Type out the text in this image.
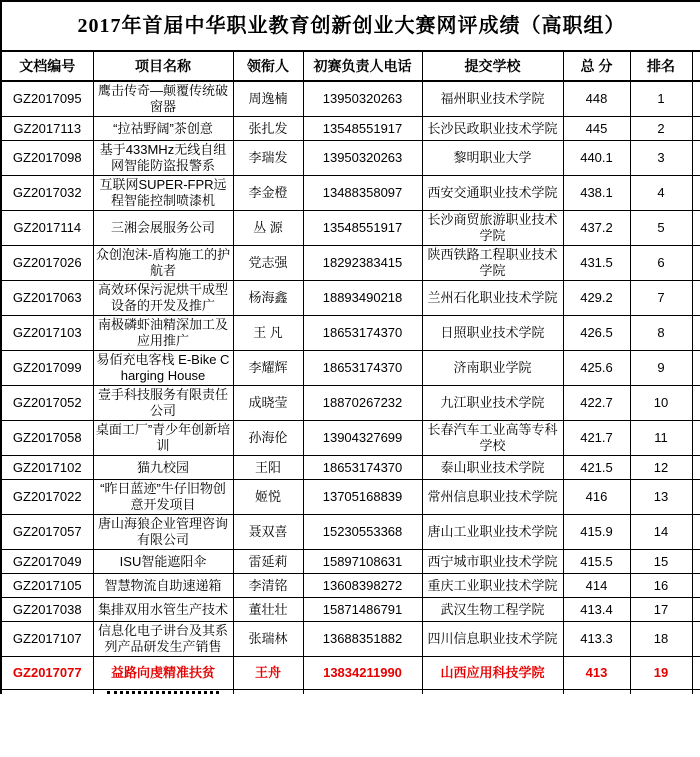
2017年首届中华职业教育创新创业大赛网评成绩（高职组）							
文档编号	项目名称	领衔人	初赛负责人电话	提交学校	总 分	排名	
GZ2017095	鹰击传奇—颠覆传统破窗器	周逸楠	13950320263	福州职业技术学院	448	1	
GZ2017113	“拉祜野阔”茶创意	张扎发	13548551917	长沙民政职业技术学院	445	2	
GZ2017098	基于433MHz无线自组网智能防盗报警系	李瑞发	13950320263	黎明职业大学	440.1	3	
GZ2017032	互联网SUPER-FPR远程智能控制喷漆机	李金橙	13488358097	西安交通职业技术学院	438.1	4	
GZ2017114	三湘会展服务公司	丛 源	13548551917	长沙商贸旅游职业技术学院	437.2	5	
GZ2017026	众创泡沫-盾构施工的护航者	党志强	18292383415	陕西铁路工程职业技术学院	431.5	6	
GZ2017063	高效环保污泥烘干成型设备的开发及推广	杨海鑫	18893490218	兰州石化职业技术学院	429.2	7	
GZ2017103	南极磷虾油精深加工及应用推广	王 凡	18653174370	日照职业技术学院	426.5	8	
GZ2017099	易佰充电客栈 E-Bike Charging House	李耀辉	18653174370	济南职业学院	425.6	9	
GZ2017052	壹手科技服务有限责任公司	成晓莹	18870267232	九江职业技术学院	422.7	10	
GZ2017058	桌面工厂”青少年创新培训	孙海伦	13904327699	长春汽车工业高等专科学校	421.7	11	
GZ2017102	猫九校园	王阳	18653174370	泰山职业技术学院	421.5	12	
GZ2017022	“昨日蓝迹”牛仔旧物创意开发项目	姬悦	13705168839	常州信息职业技术学院	416	13	
GZ2017057	唐山海狼企业管理咨询有限公司	聂双喜	15230553368	唐山工业职业技术学院	415.9	14	
GZ2017049	ISU智能遮阳伞	雷延莉	15897108631	西宁城市职业技术学院	415.5	15	
GZ2017105	智慧物流自助速递箱	李清铭	13608398272	重庆工业职业技术学院	414	16	
GZ2017038	集排双用水管生产技术	董壮壮	15871486791	武汉生物工程学院	413.4	17	
GZ2017107	信息化电子讲台及其系列产品研发生产销售	张瑞林	13688351882	四川信息职业技术学院	413.3	18	
GZ2017077	益路向虔精准扶贫	王舟	13834211990	山西应用科技学院	413	19	
